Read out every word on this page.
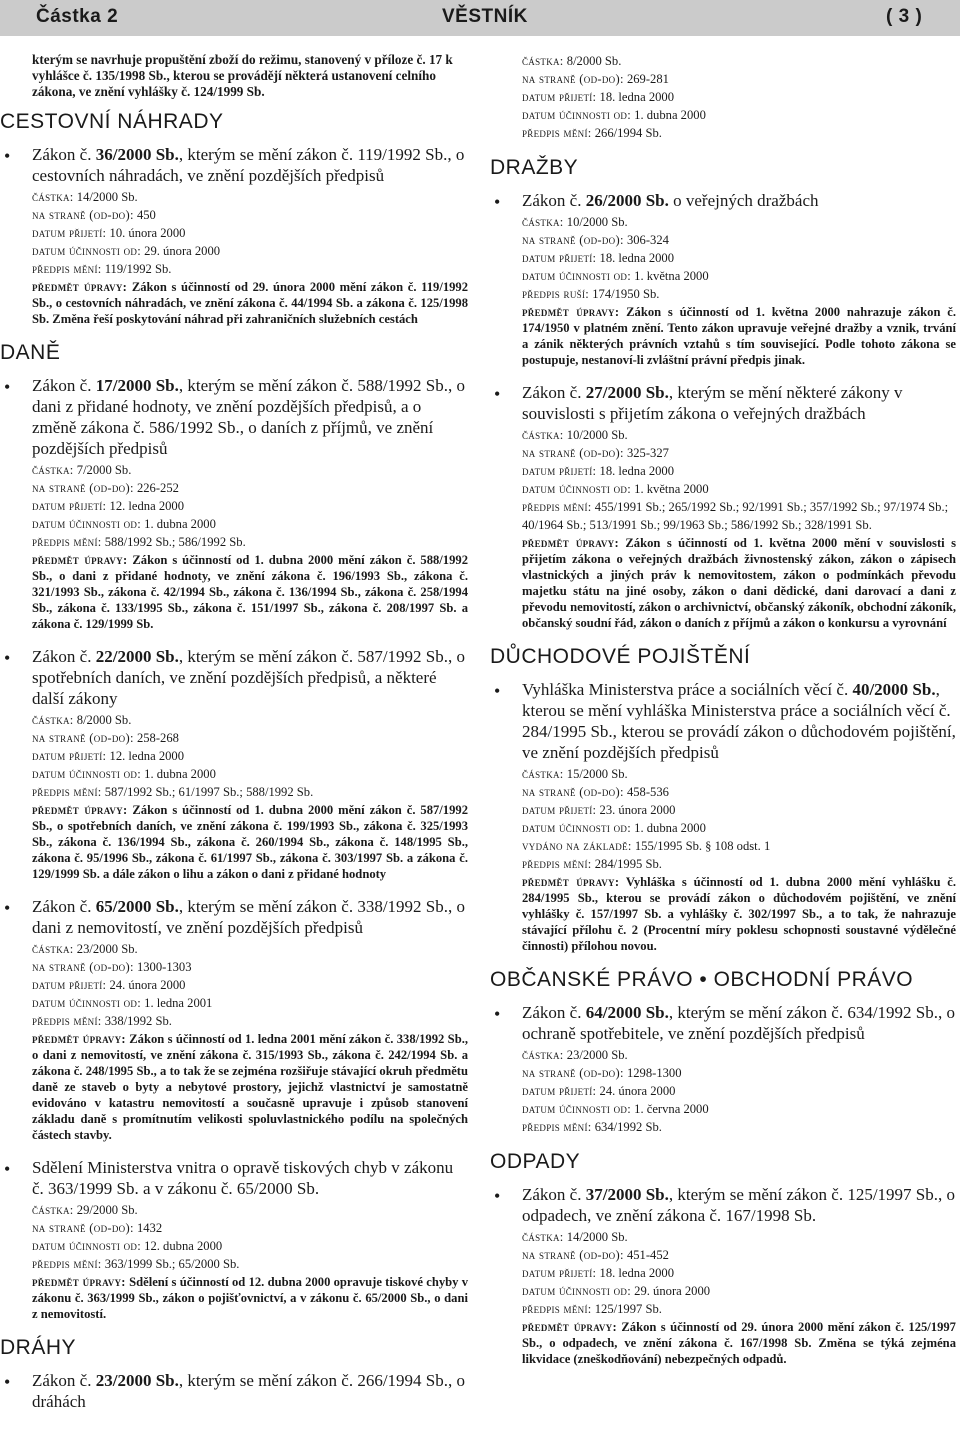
Částka 2	VĚSTNÍK	( 3 )

kterým se navrhuje propuštění zboží do režimu, stanovený v příloze č. 17 k vyhlášce č. 135/1998 Sb., kterou se provádějí některá ustanovení celního zákona, ve znění vyhlášky č. 124/1999 Sb.

CESTOVNÍ NÁHRADY
• Zákon č. 36/2000 Sb., kterým se mění zákon č. 119/1992 Sb., o cestovních náhradách, ve znění pozdějších předpisů
částka: 14/2000 Sb.
na straně (od-do): 450
datum přijetí: 10. února 2000
datum účinnosti od: 29. února 2000
předpis mění: 119/1992 Sb.
předmět úpravy: Zákon s účinností od 29. února 2000 mění zákon č. 119/1992 Sb., o cestovních náhradách, ve znění zákona č. 44/1994 Sb. a zákona č. 125/1998 Sb. Změna řeší poskytování náhrad při zahraničních služebních cestách
DANĚ
• Zákon č. 17/2000 Sb., kterým se mění zákon č. 588/1992 Sb., o dani z přidané hodnoty, ve znění pozdějších předpisů, a o změně zákona č. 586/1992 Sb., o daních z příjmů, ve znění pozdějších předpisů
částka: 7/2000 Sb.
na straně (od-do): 226-252
datum přijetí: 12. ledna 2000
datum účinnosti od: 1. dubna 2000
předpis mění: 588/1992 Sb.; 586/1992 Sb.
předmět úpravy: Zákon s účinností od 1. dubna 2000 mění zákon č. 588/1992 Sb., o dani z přidané hodnoty, ve znění zákona č. 196/1993 Sb., zákona č. 321/1993 Sb., zákona č. 42/1994 Sb., zákona č. 136/1994 Sb., zákona č. 258/1994 Sb., zákona č. 133/1995 Sb., zákona č. 151/1997 Sb., zákona č. 208/1997 Sb. a zákona č. 129/1999 Sb.
• Zákon č. 22/2000 Sb., kterým se mění zákon č. 587/1992 Sb., o spotřebních daních, ve znění pozdějších předpisů, a některé další zákony
částka: 8/2000 Sb.
na straně (od-do): 258-268
datum přijetí: 12. ledna 2000
datum účinnosti od: 1. dubna 2000
předpis mění: 587/1992 Sb.; 61/1997 Sb.; 588/1992 Sb.
předmět úpravy: Zákon s účinností od 1. dubna 2000 mění zákon č. 587/1992 Sb., o spotřebních daních, ve znění zákona č. 199/1993 Sb., zákona č. 325/1993 Sb., zákona č. 136/1994 Sb., zákona č. 260/1994 Sb., zákona č. 148/1995 Sb., zákona č. 95/1996 Sb., zákona č. 61/1997 Sb., zákona č. 303/1997 Sb. a zákona č. 129/1999 Sb. a dále zákon o lihu a zákon o dani z přidané hodnoty
• Zákon č. 65/2000 Sb., kterým se mění zákon č. 338/1992 Sb., o dani z nemovitostí, ve znění pozdějších předpisů
částka: 23/2000 Sb.
na straně (od-do): 1300-1303
datum přijetí: 24. února 2000
datum účinnosti od: 1. ledna 2001
předpis mění: 338/1992 Sb.
předmět úpravy: Zákon s účinností od 1. ledna 2001 mění zákon č. 338/1992 Sb., o dani z nemovitostí, ve znění zákona č. 315/1993 Sb., zákona č. 242/1994 Sb. a zákona č. 248/1995 Sb., a to tak že se zejména rozšiřuje stávající okruh předmětu daně ze staveb o byty a nebytové prostory, jejichž vlastnictví je samostatně evidováno v katastru nemovitostí a současně upravuje i způsob stanovení základu daně s promítnutím velikosti spoluvlastnického podílu na společných částech stavby.
• Sdělení Ministerstva vnitra o opravě tiskových chyb v zákonu č. 363/1999 Sb. a v zákonu č. 65/2000 Sb.
částka: 29/2000 Sb.
na straně (od-do): 1432
datum účinnosti od: 12. dubna 2000
předpis mění: 363/1999 Sb.; 65/2000 Sb.
předmět úpravy: Sdělení s účinností od 12. dubna 2000 opravuje tiskové chyby v zákonu č. 363/1999 Sb., zákon o pojišťovnictví, a v zákonu č. 65/2000 Sb., o dani z nemovitostí.
DRÁHY
• Zákon č. 23/2000 Sb., kterým se mění zákon č. 266/1994 Sb., o dráhách
částka: 8/2000 Sb.
na straně (od-do): 269-281
datum přijetí: 18. ledna 2000
datum účinnosti od: 1. dubna 2000
předpis mění: 266/1994 Sb.
DRAŽBY
• Zákon č. 26/2000 Sb. o veřejných dražbách
částka: 10/2000 Sb.
na straně (od-do): 306-324
datum přijetí: 18. ledna 2000
datum účinnosti od: 1. května 2000
předpis ruší: 174/1950 Sb.
předmět úpravy: Zákon s účinností od 1. května 2000 nahrazuje zákon č. 174/1950 v platném znění. Tento zákon upravuje veřejné dražby a vznik, trvání a zánik některých právních vztahů s tím související. Podle tohoto zákona se postupuje, nestanoví-li zvláštní právní předpis jinak.
• Zákon č. 27/2000 Sb., kterým se mění některé zákony v souvislosti s přijetím zákona o veřejných dražbách
částka: 10/2000 Sb.
na straně (od-do): 325-327
datum přijetí: 18. ledna 2000
datum účinnosti od: 1. května 2000
předpis mění: 455/1991 Sb.; 265/1992 Sb.; 92/1991 Sb.; 357/1992 Sb.; 97/1974 Sb.; 40/1964 Sb.; 513/1991 Sb.; 99/1963 Sb.; 586/1992 Sb.; 328/1991 Sb.
předmět úpravy: Zákon s účinností od 1. května 2000 mění v souvislosti s přijetím zákona o veřejných dražbách živnostenský zákon, zákon o zápisech vlastnických a jiných práv k nemovitostem, zákon o podmínkách převodu majetku státu na jiné osoby, zákon o dani dědické, dani darovací a dani z převodu nemovitostí, zákon o archivnictví, občanský zákoník, obchodní zákoník, občanský soudní řád, zákon o daních z příjmů a zákon o konkursu a vyrovnání
DŮCHODOVÉ POJIŠTĚNÍ
• Vyhláška Ministerstva práce a sociálních věcí č. 40/2000 Sb., kterou se mění vyhláška Ministerstva práce a sociálních věcí č. 284/1995 Sb., kterou se provádí zákon o důchodovém pojištění, ve znění pozdějších předpisů
částka: 15/2000 Sb.
na straně (od-do): 458-536
datum přijetí: 23. února 2000
datum účinnosti od: 1. dubna 2000
vydáno na základě: 155/1995 Sb. § 108 odst. 1
předpis mění: 284/1995 Sb.
předmět úpravy: Vyhláška s účinností od 1. dubna 2000 mění vyhlášku č. 284/1995 Sb., kterou se provádí zákon o důchodovém pojištění, ve znění vyhlášky č. 157/1997 Sb. a vyhlášky č. 302/1997 Sb., a to tak, že nahrazuje stávající přílohu č. 2 (Procentní míry poklesu schopnosti soustavné výdělečné činnosti) přílohou novou.
OBČANSKÉ PRÁVO • OBCHODNÍ PRÁVO
• Zákon č. 64/2000 Sb., kterým se mění zákon č. 634/1992 Sb., o ochraně spotřebitele, ve znění pozdějších předpisů
částka: 23/2000 Sb.
na straně (od-do): 1298-1300
datum přijetí: 24. února 2000
datum účinnosti od: 1. června 2000
předpis mění: 634/1992 Sb.
ODPADY
• Zákon č. 37/2000 Sb., kterým se mění zákon č. 125/1997 Sb., o odpadech, ve znění zákona č. 167/1998 Sb.
částka: 14/2000 Sb.
na straně (od-do): 451-452
datum přijetí: 18. ledna 2000
datum účinnosti od: 29. února 2000
předpis mění: 125/1997 Sb.
předmět úpravy: Zákon s účinností od 29. února 2000 mění zákon č. 125/1997 Sb., o odpadech, ve znění zákona č. 167/1998 Sb. Změna se týká zejména likvidace (zneškodňování) nebezpečných odpadů.
